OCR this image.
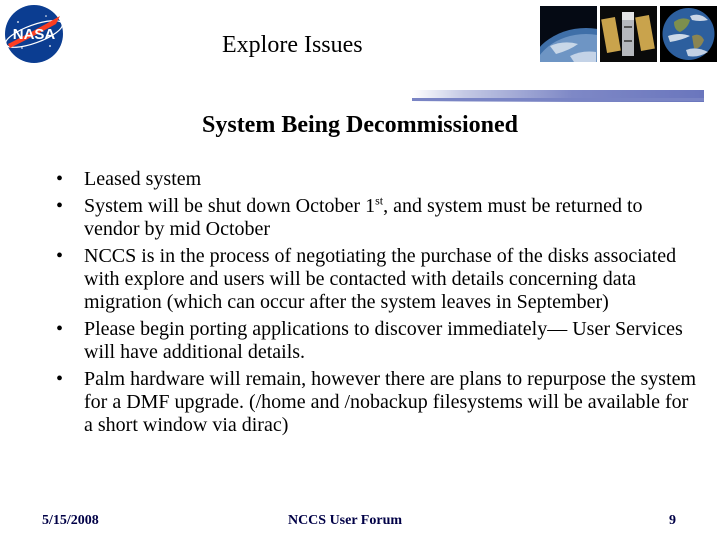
NASA	Explore Issues
System Being Decommissioned
•	Leased system
•	System will be shut down October 1st, and system must be returned to vendor by mid October
•	NCCS is in the process of negotiating the purchase of the disks associated with explore and users will be contacted with details concerning data migration (which can occur after the system leaves in September)
•	Please begin porting applications to discover immediately— User Services will have additional details.
•	Palm hardware will remain, however there are plans to repurpose the system for a DMF upgrade. (/home and /nobackup filesystems will be available for a short window via dirac)
5/15/2008	NCCS User Forum	9
